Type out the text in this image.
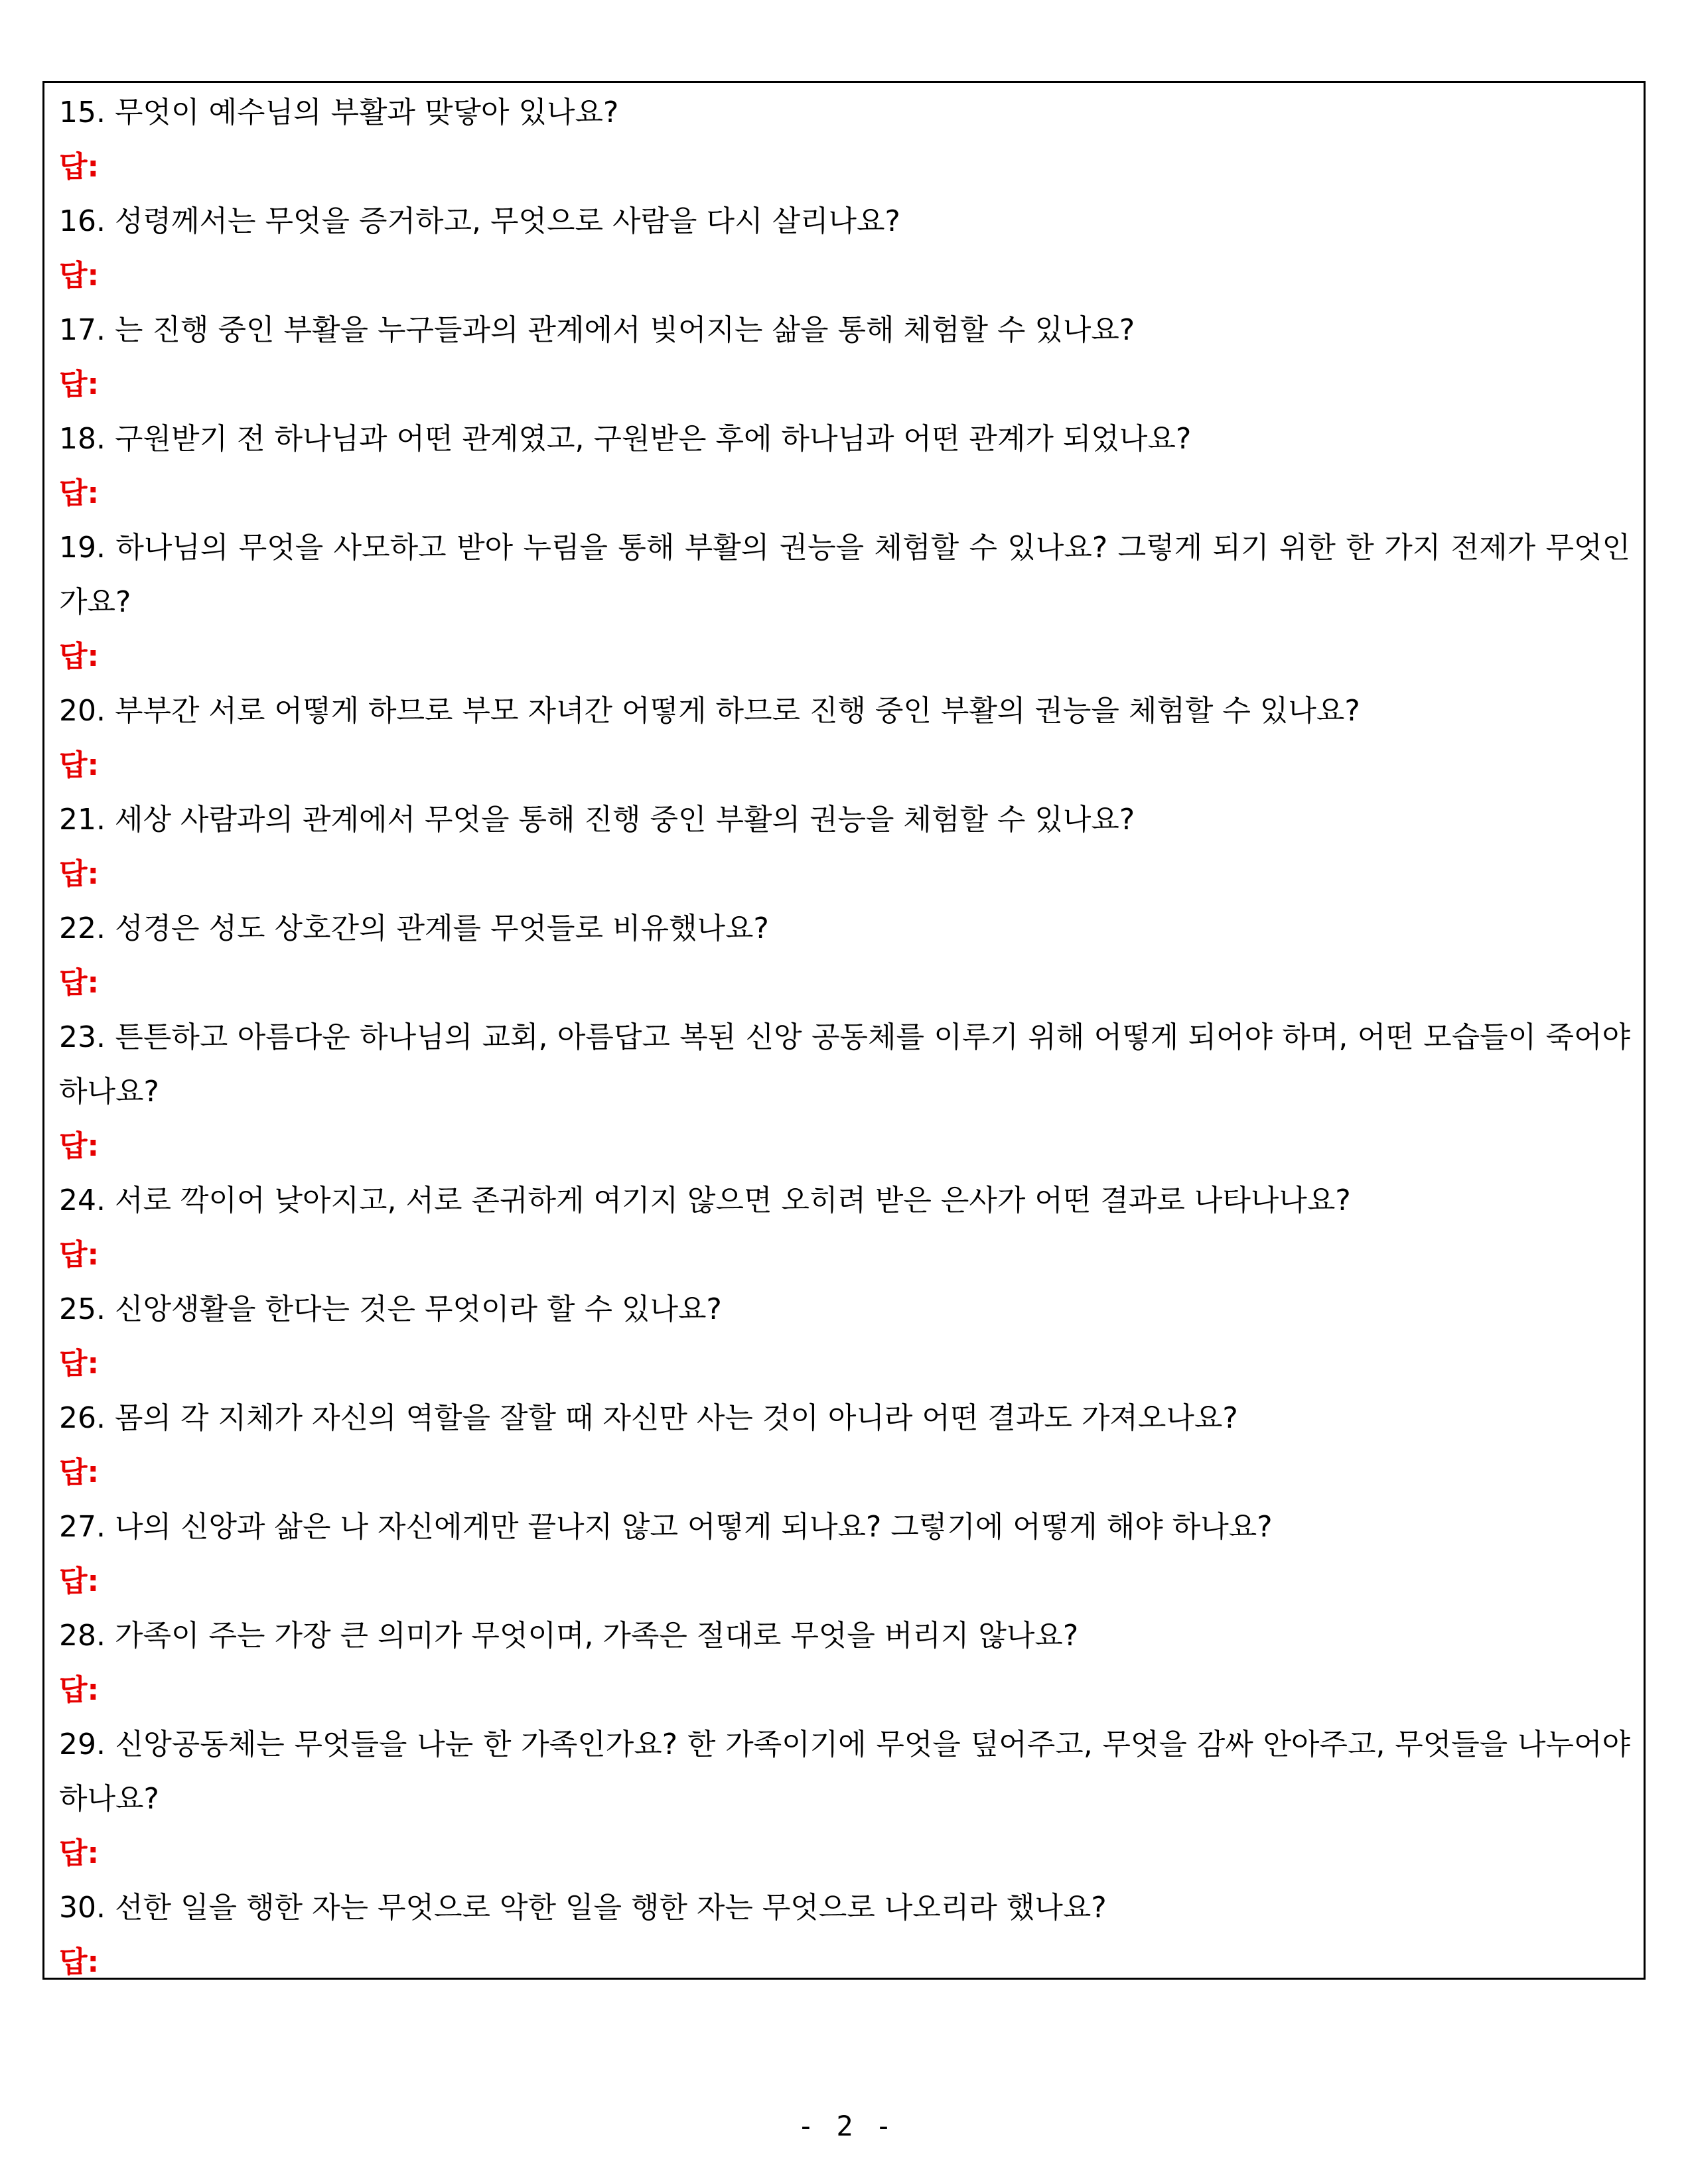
15. 무엇이 예수님의 부활과 맞닿아 있나요?
답:
16. 성령께서는 무엇을 증거하고, 무엇으로 사람을 다시 살리나요?
답:
17. 는 진행 중인 부활을 누구들과의 관계에서 빚어지는 삶을 통해 체험할 수 있나요?
답:
18. 구원받기 전 하나님과 어떤 관계였고, 구원받은 후에 하나님과 어떤 관계가 되었나요?
답:
19. 하나님의 무엇을 사모하고 받아 누림을 통해 부활의 권능을 체험할 수 있나요? 그렇게 되기 위한 한 가지 전제가 무엇인가요?
답:
20. 부부간 서로 어떻게 하므로 부모 자녀간 어떻게 하므로 진행 중인 부활의 권능을 체험할 수 있나요?
답:
21. 세상 사람과의 관계에서 무엇을 통해 진행 중인 부활의 권능을 체험할 수 있나요?
답:
22. 성경은 성도 상호간의 관계를 무엇들로 비유했나요?
답:
23. 튼튼하고 아름다운 하나님의 교회, 아름답고 복된 신앙 공동체를 이루기 위해 어떻게 되어야 하며, 어떤 모습들이 죽어야 하나요?
답:
24. 서로 깍이어 낮아지고, 서로 존귀하게 여기지 않으면 오히려 받은 은사가 어떤 결과로 나타나나요?
답:
25. 신앙생활을 한다는 것은 무엇이라 할 수 있나요?
답:
26. 몸의 각 지체가 자신의 역할을 잘할 때 자신만 사는 것이 아니라 어떤 결과도 가져오나요?
답:
27. 나의 신앙과 삶은 나 자신에게만 끝나지 않고 어떻게 되나요? 그렇기에 어떻게 해야 하나요?
답:
28. 가족이 주는 가장 큰 의미가 무엇이며, 가족은 절대로 무엇을 버리지 않나요?
답:
29. 신앙공동체는 무엇들을 나눈 한 가족인가요? 한 가족이기에 무엇을 덮어주고, 무엇을 감싸 안아주고, 무엇들을 나누어야 하나요?
답:
30. 선한 일을 행한 자는 무엇으로 악한 일을 행한 자는 무엇으로 나오리라 했나요?
답:
- 2 -
